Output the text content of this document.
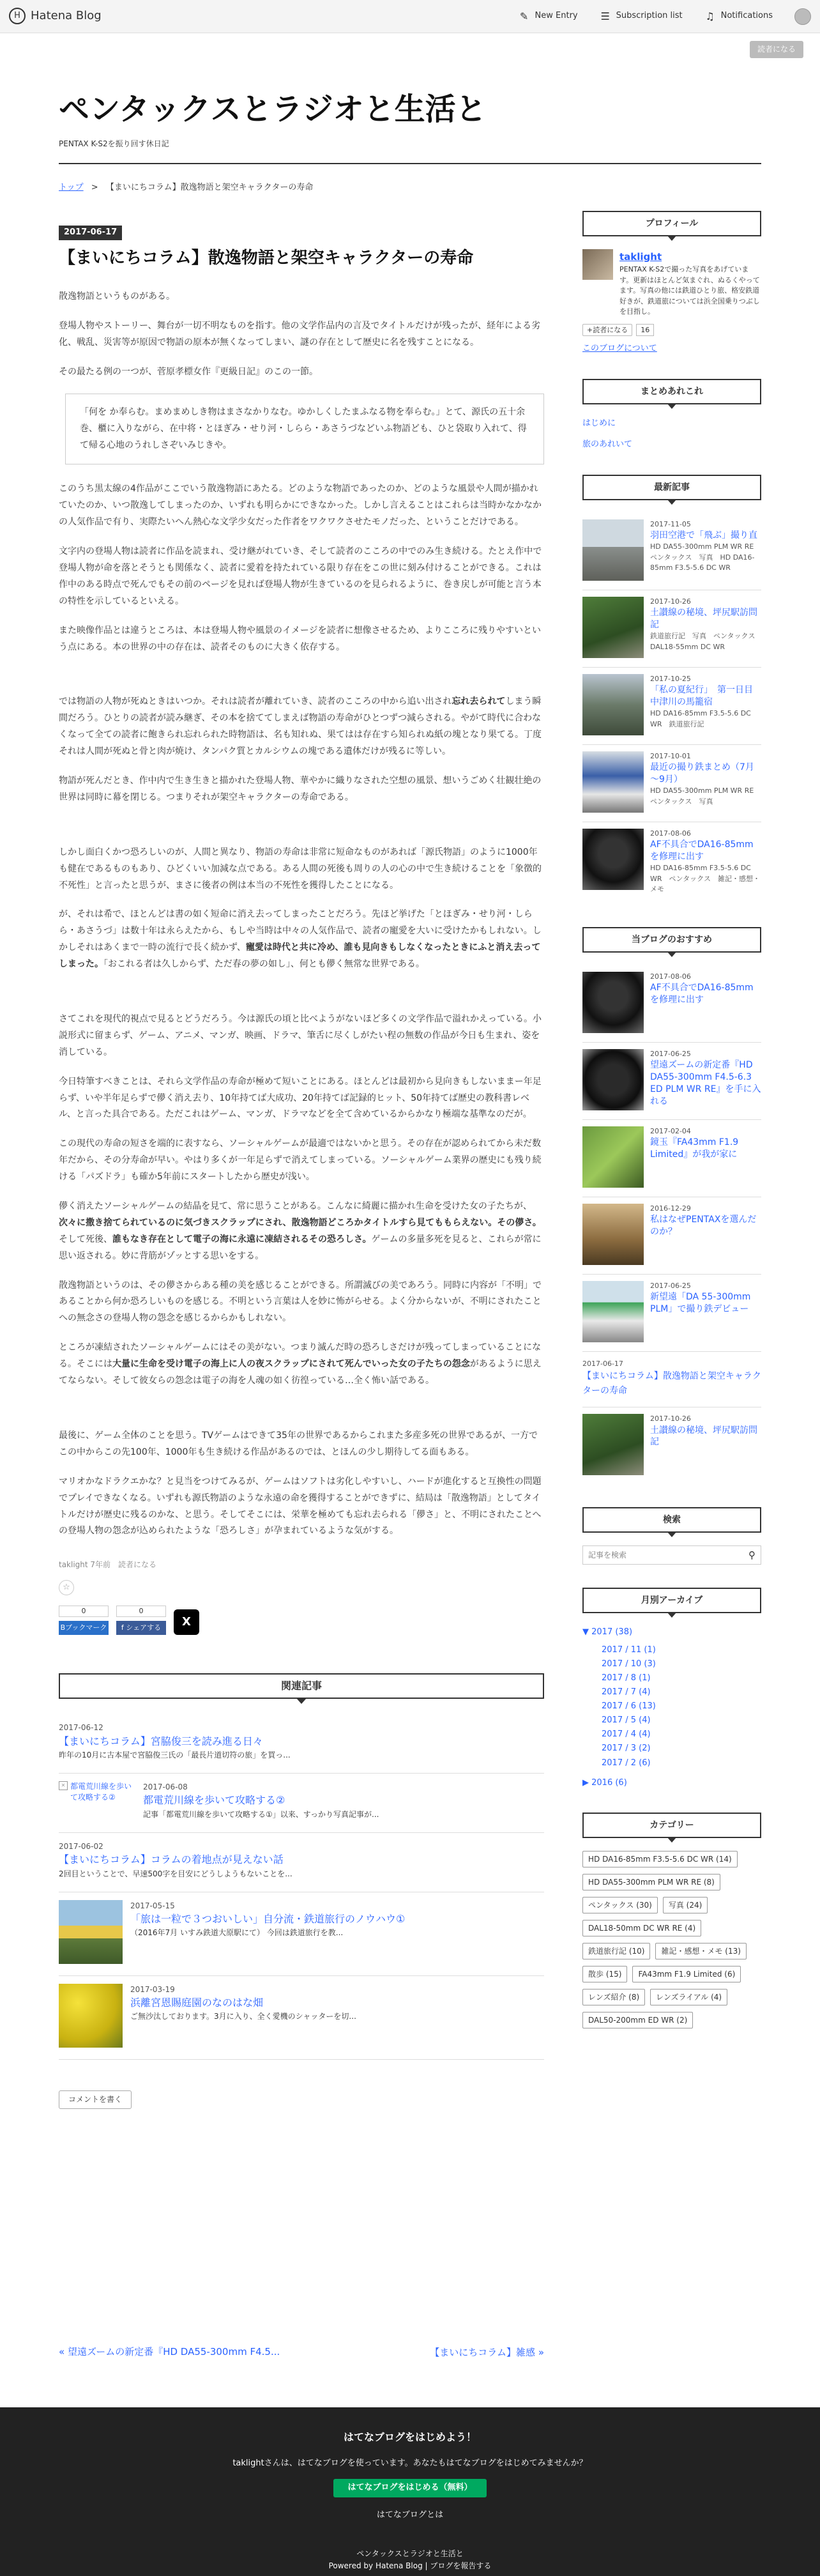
H Hatena Blog	✎ New Entry ☰ Subscription list ♫ Notifications
読者になる
ペンタックスとラジオと生活と
PENTAX K-S2を振り回す休日記
トップ > 【まいにちコラム】散逸物語と架空キャラクターの寿命
2017-06-17
【まいにちコラム】散逸物語と架空キャラクターの寿命

散逸物語というものがある。

登場人物やストーリー、舞台が一切不明なものを指す。他の文学作品内の言及でタイトルだけが残ったが、経年による劣化、戦乱、災害等が原因で物語の原本が無くなってしまい、謎の存在として歴史に名を残すことになる。

その最たる例の一つが、菅原孝標女作『更級日記』のこの一節。

「何を か奉らむ。まめまめしき物はまさなかりなむ。ゆかしくしたまふなる物を奉らむ。」とて、源氏の五十余巻、櫃に入りながら、在中将・とほぎみ・せり河・しらら・あさうづなどいふ物語ども、ひと袋取り入れて、得て帰る心地のうれしさぞいみじきや。

このうち黒太線の4作品がここでいう散逸物語にあたる。どのような物語であったのか、どのような風景や人間が描かれていたのか、いつ散逸してしまったのか、いずれも明らかにできなかった。しかし言えることはこれらは当時かなかなかの人気作品で有り、実際たいへん熱心な文学少女だった作者をワクワクさせたモノだった、ということだけである。

文字内の登場人物は読者に作品を読まれ、受け継がれていき、そして読者のこころの中でのみ生き続ける。たとえ作中で登場人物が命を落とそうとも関係なく、読者に愛着を持たれている限り存在をこの世に刻み付けることができる。これは作中のある時点で死んでもその前のページを見れば登場人物が生きているのを見られるように、巻き戻しが可能と言う本の特性を示しているといえる。

また映像作品とは違うところは、本は登場人物や風景のイメージを読者に想像させるため、よりこころに残りやすいという点にある。本の世界の中の存在は、読者そのものに大きく依存する。

では物語の人物が死ぬときはいつか。それは読者が離れていき、読者のこころの中から追い出され忘れ去られてしまう瞬間だろう。ひとりの読者が読み継ぎ、その本を捨ててしまえば物語の寿命がひとつずつ減らされる。やがて時代に合わなくなって全ての読者に飽きられ忘れられた時物語は、名も知れぬ、果てはは存在すら知られぬ紙の塊となり果てる。丁度それは人間が死ぬと骨と肉が焼け、タンパク質とカルシウムの塊である遺体だけが残るに等しい。

物語が死んだとき、作中内で生き生きと描かれた登場人物、華やかに織りなされた空想の風景、想いうごめく壮観壮絶の世界は同時に幕を閉じる。つまりそれが架空キャラクターの寿命である。

しかし面白くかつ恐ろしいのが、人間と異なり、物語の寿命は非常に短命なものがあれば「源氏物語」のように1000年も健在であるものもあり、ひどくいい加減な点である。ある人間の死後も周りの人の心の中で生き続けることを「象徴的不死性」と言ったと思うが、まさに後者の例は本当の不死性を獲得したことになる。

が、それは希で、ほとんどは書の如く短命に消え去ってしまったことだろう。先ほど挙げた「とほぎみ・せり河・しらら・あさうづ」は数十年は永らえたから、もしや当時は中々の人気作品で、読者の寵愛を大いに受けたかもしれない。しかしそれはあくまで一時の流行で長く続かず、寵愛は時代と共に冷め、誰も見向きもしなくなったときにふと消え去ってしまった。「おこれる者は久しからず、ただ春の夢の如し」、何とも儚く無常な世界である。

さてこれを現代的視点で見るとどうだろう。今は源氏の頃と比べようがないほど多くの文学作品で溢れかえっている。小説形式に留まらず、ゲーム、アニメ、マンガ、映画、ドラマ、筆舌に尽くしがたい程の無数の作品が今日も生まれ、姿を消している。

今日特筆すべきことは、それら文学作品の寿命が極めて短いことにある。ほとんどは最初から見向きもしないままー年足らず、いや半年足らずで儚く消え去り、10年持てば大成功、20年持てば記録的ヒット、50年持てば歴史の教科書レベル、と言った具合である。ただこれはゲーム、マンガ、ドラマなどを全て含めているからかなり極端な基準なのだが。

この現代の寿命の短さを端的に表すなら、ソーシャルゲームが最適ではないかと思う。その存在が認められてから未だ数年だから、その分寿命が早い。やはり多くが一年足らずで消えてしまっている。ソーシャルゲーム業界の歴史にも残り続ける「パズドラ」も確か5年前にスタートしたから歴史が浅い。

儚く消えたソーシャルゲームの結晶を見て、常に思うことがある。こんなに綺麗に描かれ生命を受けた女の子たちが、次々に撒き捨てられているのに気づきスクラップにされ、散逸物語どころかタイトルすら見てももらえない。その儚さ。そして死後、誰もなき存在として電子の海に永遠に凍結されるその恐ろしさ。ゲームの多量多死を見ると、これらが常に思い返される。妙に背筋がゾッとする思いをする。

散逸物語というのは、その儚さからある種の美を感じることができる。所謂滅びの美であろう。同時に内容が「不明」であることから何か恐ろしいものを感じる。不明という言葉は人を妙に怖がらせる。よく分からないが、不明にされたことへの無念さの登場人物の怨念を感じるからかもしれない。

ところが凍結されたソーシャルゲームにはその美がない。つまり滅んだ時の恐ろしさだけが残ってしまっていることになる。そこには大量に生命を受け電子の海上に人の夜スクラップにされて死んでいった女の子たちの怨念があるように思えてならない。そして彼女らの怨念は電子の海を人魂の如く彷徨っている…全く怖い話である。

最後に、ゲーム全体のことを思う。TVゲームはできて35年の世界であるからこれまた多産多死の世界であるが、一方でこの中からこの先100年、1000年も生き続ける作品があるのでは、とほんの少し期待してる面もある。

マリオかなドラクエかな？と見当をつけてみるが、ゲームはソフトは劣化しやすいし、ハードが進化すると互換性の問題でプレイできなくなる。いずれも源氏物語のような永遠の命を獲得することができずに、結局は「散逸物語」としてタイトルだけが歴史に残るのかな、と思う。そしてそこには、栄華を極めても忘れ去られる「儚さ」と、不明にされたことへの登場人物の怨念が込められたような「恐ろしさ」が孕まれているような気がする。

taklight 7年前　読者になる
☆
0
Bブックマーク
0
f シェアする	X
関連記事
2017-06-12
【まいにちコラム】宮脇俊三を読み進る日々
昨年の10月に古本屋で宮脇俊三氏の「最長片道切符の旅」を買っ...
✕ 都電荒川線を歩いて攻略する②
2017-06-08
都電荒川線を歩いて攻略する②
記事「都電荒川線を歩いて攻略する①」以来、すっかり写真記事が...
2017-06-02
【まいにちコラム】コラムの着地点が見えない話
2回目ということで、早速500字を目安にどうしようもないことを...
2017-05-15
「旅は一粒で３つおいしい」自分流・鉄道旅行のノウハウ①
（2016年7月 いすみ鉄道大原駅にて） 今回は鉄道旅行を教...
2017-03-19
浜離宮恩賜庭園のなのはな畑
ご無沙汰しております。3月に入り、全く愛機のシャッターを切...
コメントを書く
« 望遠ズームの新定番『HD DA55-300mm F4.5...	【まいにちコラム】雑感 »
プロフィール
taklight
PENTAX K-S2で撮った写真をあげています。更新はほとんど気まぐれ、ぬるくやってます。写真の他には鉄道ひとり旅、格安鉄道好きが、鉄道旅については浜全国乗りつぶしを目指し。
+読者になる	16
このブログについて
まとめあれこれ
はじめに
旅のあれいて
最新記事
2017-11-05
羽田空港で「飛ぶ」撮り直
HD DA55-300mm PLM WR RE　ペンタックス　写真　HD DA16-85mm F3.5-5.6 DC WR
2017-10-26
土讃線の秘境、坪尻駅訪問記
鉄道旅行記　写真　ペンタックス　DAL18-55mm DC WR
2017-10-25
「私の夏紀行」　第一日目　中津川の馬籠宿
HD DA16-85mm F3.5-5.6 DC WR　鉄道旅行記
2017-10-01
最近の撮り鉄まとめ（7月～9月）
HD DA55-300mm PLM WR RE　ペンタックス　写真
2017-08-06
AF不具合でDA16-85mmを修理に出す
HD DA16-85mm F3.5-5.6 DC WR　ペンタックス　雑記・感想・メモ
当ブログのおすすめ
2017-08-06
AF不具合でDA16-85mmを修理に出す
2017-06-25
望遠ズームの新定番『HD DA55-300mm F4.5-6.3 ED PLM WR RE』を手に入れる
2017-02-04
鏡玉『FA43mm F1.9 Limited』が我が家に
2016-12-29
私はなぜPENTAXを選んだのか？
2017-06-25
新望遠「DA 55-300mm PLM」で撮り鉄デビュー
2017-06-17
【まいにちコラム】散逸物語と架空キャラクターの寿命
2017-10-26
土讃線の秘境、坪尻駅訪問記
検索
記事を検索
⚲
月別アーカイブ
▼ 2017 (38)
2017 / 11 (1)
2017 / 10 (3)
2017 / 8 (1)
2017 / 7 (4)
2017 / 6 (13)
2017 / 5 (4)
2017 / 4 (4)
2017 / 3 (2)
2017 / 2 (6)
▶ 2016 (6)
カテゴリー
HD DA16-85mm F3.5-5.6 DC WR (14)
HD DA55-300mm PLM WR RE (8)
ペンタックス (30)	写真 (24)
DAL18-50mm DC WR RE (4)
鉄道旅行記 (10)	雑記・感想・メモ (13)
散歩 (15)	FA43mm F1.9 Limited (6)
レンズ紹介 (8)	レンズライアル (4)
DAL50-200mm ED WR (2)
はてなブログをはじめよう！
taklightさんは、はてなブログを使っています。あなたもはてなブログをはじめてみませんか？
はてなブログをはじめる（無料）
はてなブログとは
ペンタックスとラジオと生活と
Powered by Hatena Blog | ブログを報告する
